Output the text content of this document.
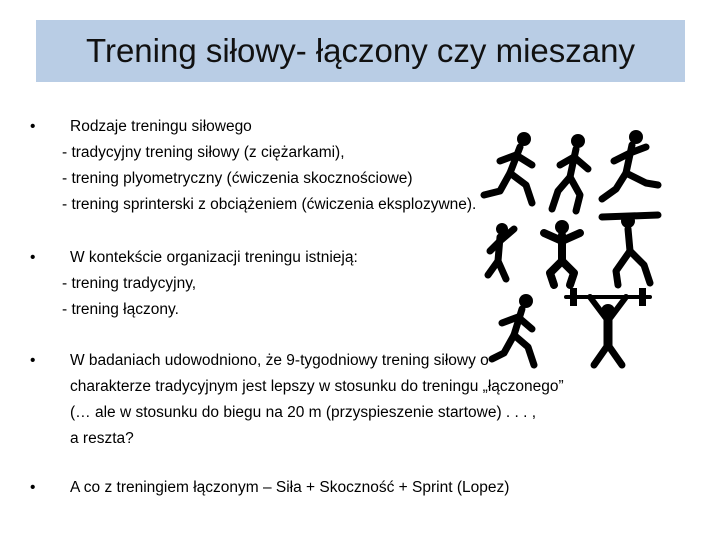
Trening siłowy- łączony czy mieszany
•	Rodzaje treningu siłowego
- tradycyjny trening siłowy (z ciężarkami),
- trening plyometryczny (ćwiczenia skocznościowe)
- trening sprinterski z obciążeniem (ćwiczenia eksplozywne).
•	W kontekście organizacji treningu istnieją:
- trening tradycyjny,
- trening łączony.
•	W badaniach udowodniono, że 9-tygodniowy trening siłowy o
charakterze tradycyjnym jest lepszy w stosunku do treningu „łączonego”
(… ale w stosunku do biegu na 20 m (przyspieszenie startowe) . . . ,
a reszta?
•	A co z treningiem łączonym – Siła + Skoczność + Sprint (Lopez)
